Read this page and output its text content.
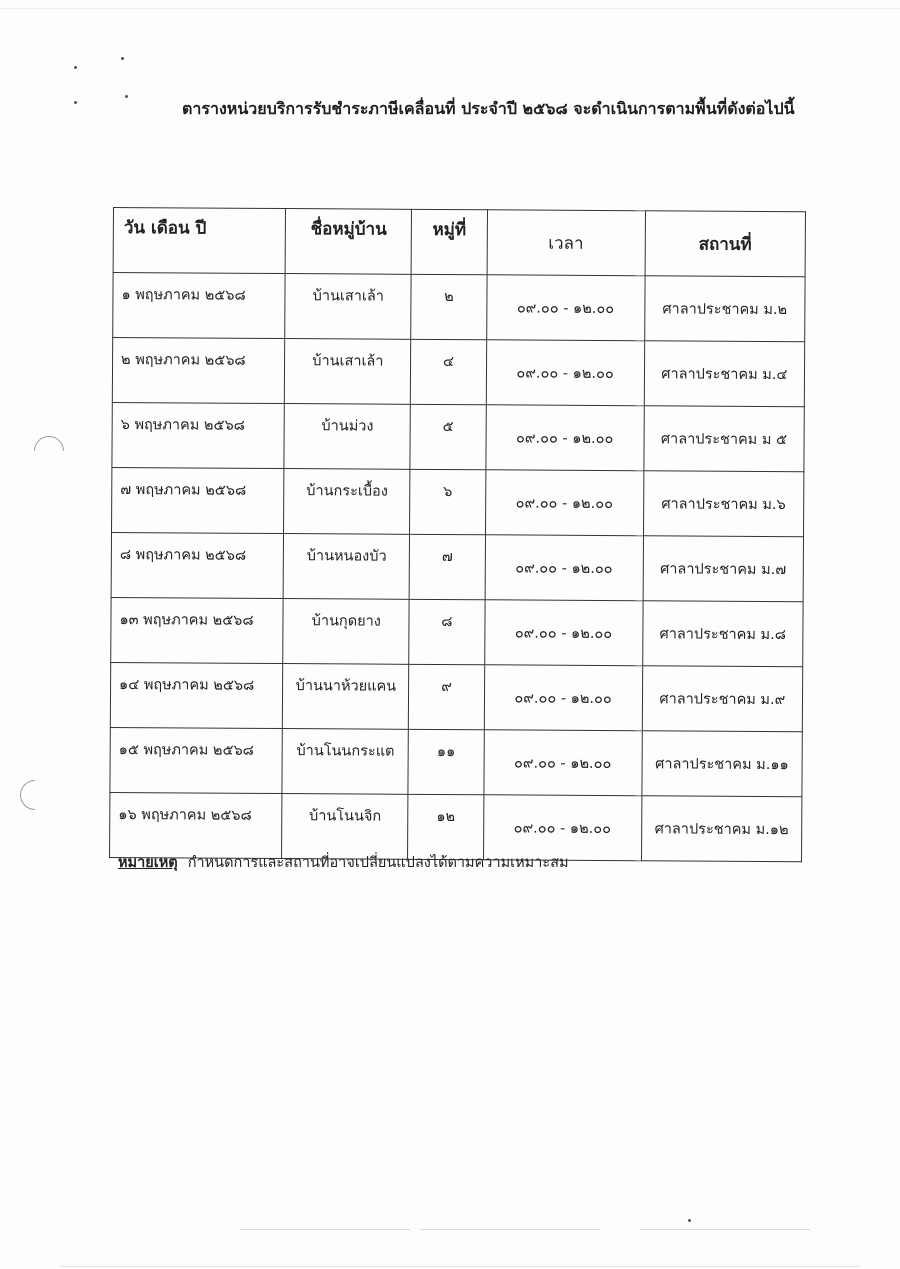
ตารางหน่วยบริการรับชำระภาษีเคลื่อนที่ ประจำปี ๒๕๖๘ จะดำเนินการตามพื้นที่ดังต่อไปนี้
วัน เดือน ปี	ชื่อหมู่บ้าน	หมู่ที่	เวลา	สถานที่
๑ พฤษภาคม ๒๕๖๘	บ้านเสาเล้า	๒	๐๙.๐๐ - ๑๒.๐๐	ศาลาประชาคม ม.๒
๒ พฤษภาคม ๒๕๖๘	บ้านเสาเล้า	๔	๐๙.๐๐ - ๑๒.๐๐	ศาลาประชาคม ม.๔
๖ พฤษภาคม ๒๕๖๘	บ้านม่วง	๕	๐๙.๐๐ - ๑๒.๐๐	ศาลาประชาคม ม ๕
๗ พฤษภาคม ๒๕๖๘	บ้านกระเบื้อง	๖	๐๙.๐๐ - ๑๒.๐๐	ศาลาประชาคม ม.๖
๘ พฤษภาคม ๒๕๖๘	บ้านหนองบัว	๗	๐๙.๐๐ - ๑๒.๐๐	ศาลาประชาคม ม.๗
๑๓ พฤษภาคม ๒๕๖๘	บ้านกุดยาง	๘	๐๙.๐๐ - ๑๒.๐๐	ศาลาประชาคม ม.๘
๑๔ พฤษภาคม ๒๕๖๘	บ้านนาห้วยแคน	๙	๐๙.๐๐ - ๑๒.๐๐	ศาลาประชาคม ม.๙
๑๕ พฤษภาคม ๒๕๖๘	บ้านโนนกระแต	๑๑	๐๙.๐๐ - ๑๒.๐๐	ศาลาประชาคม ม.๑๑
๑๖ พฤษภาคม ๒๕๖๘	บ้านโนนจิก	๑๒	๐๙.๐๐ - ๑๒.๐๐	ศาลาประชาคม ม.๑๒
หมายเหตุ กำหนดการและสถานที่อาจเปลี่ยนแปลงได้ตามความเหมาะสม
